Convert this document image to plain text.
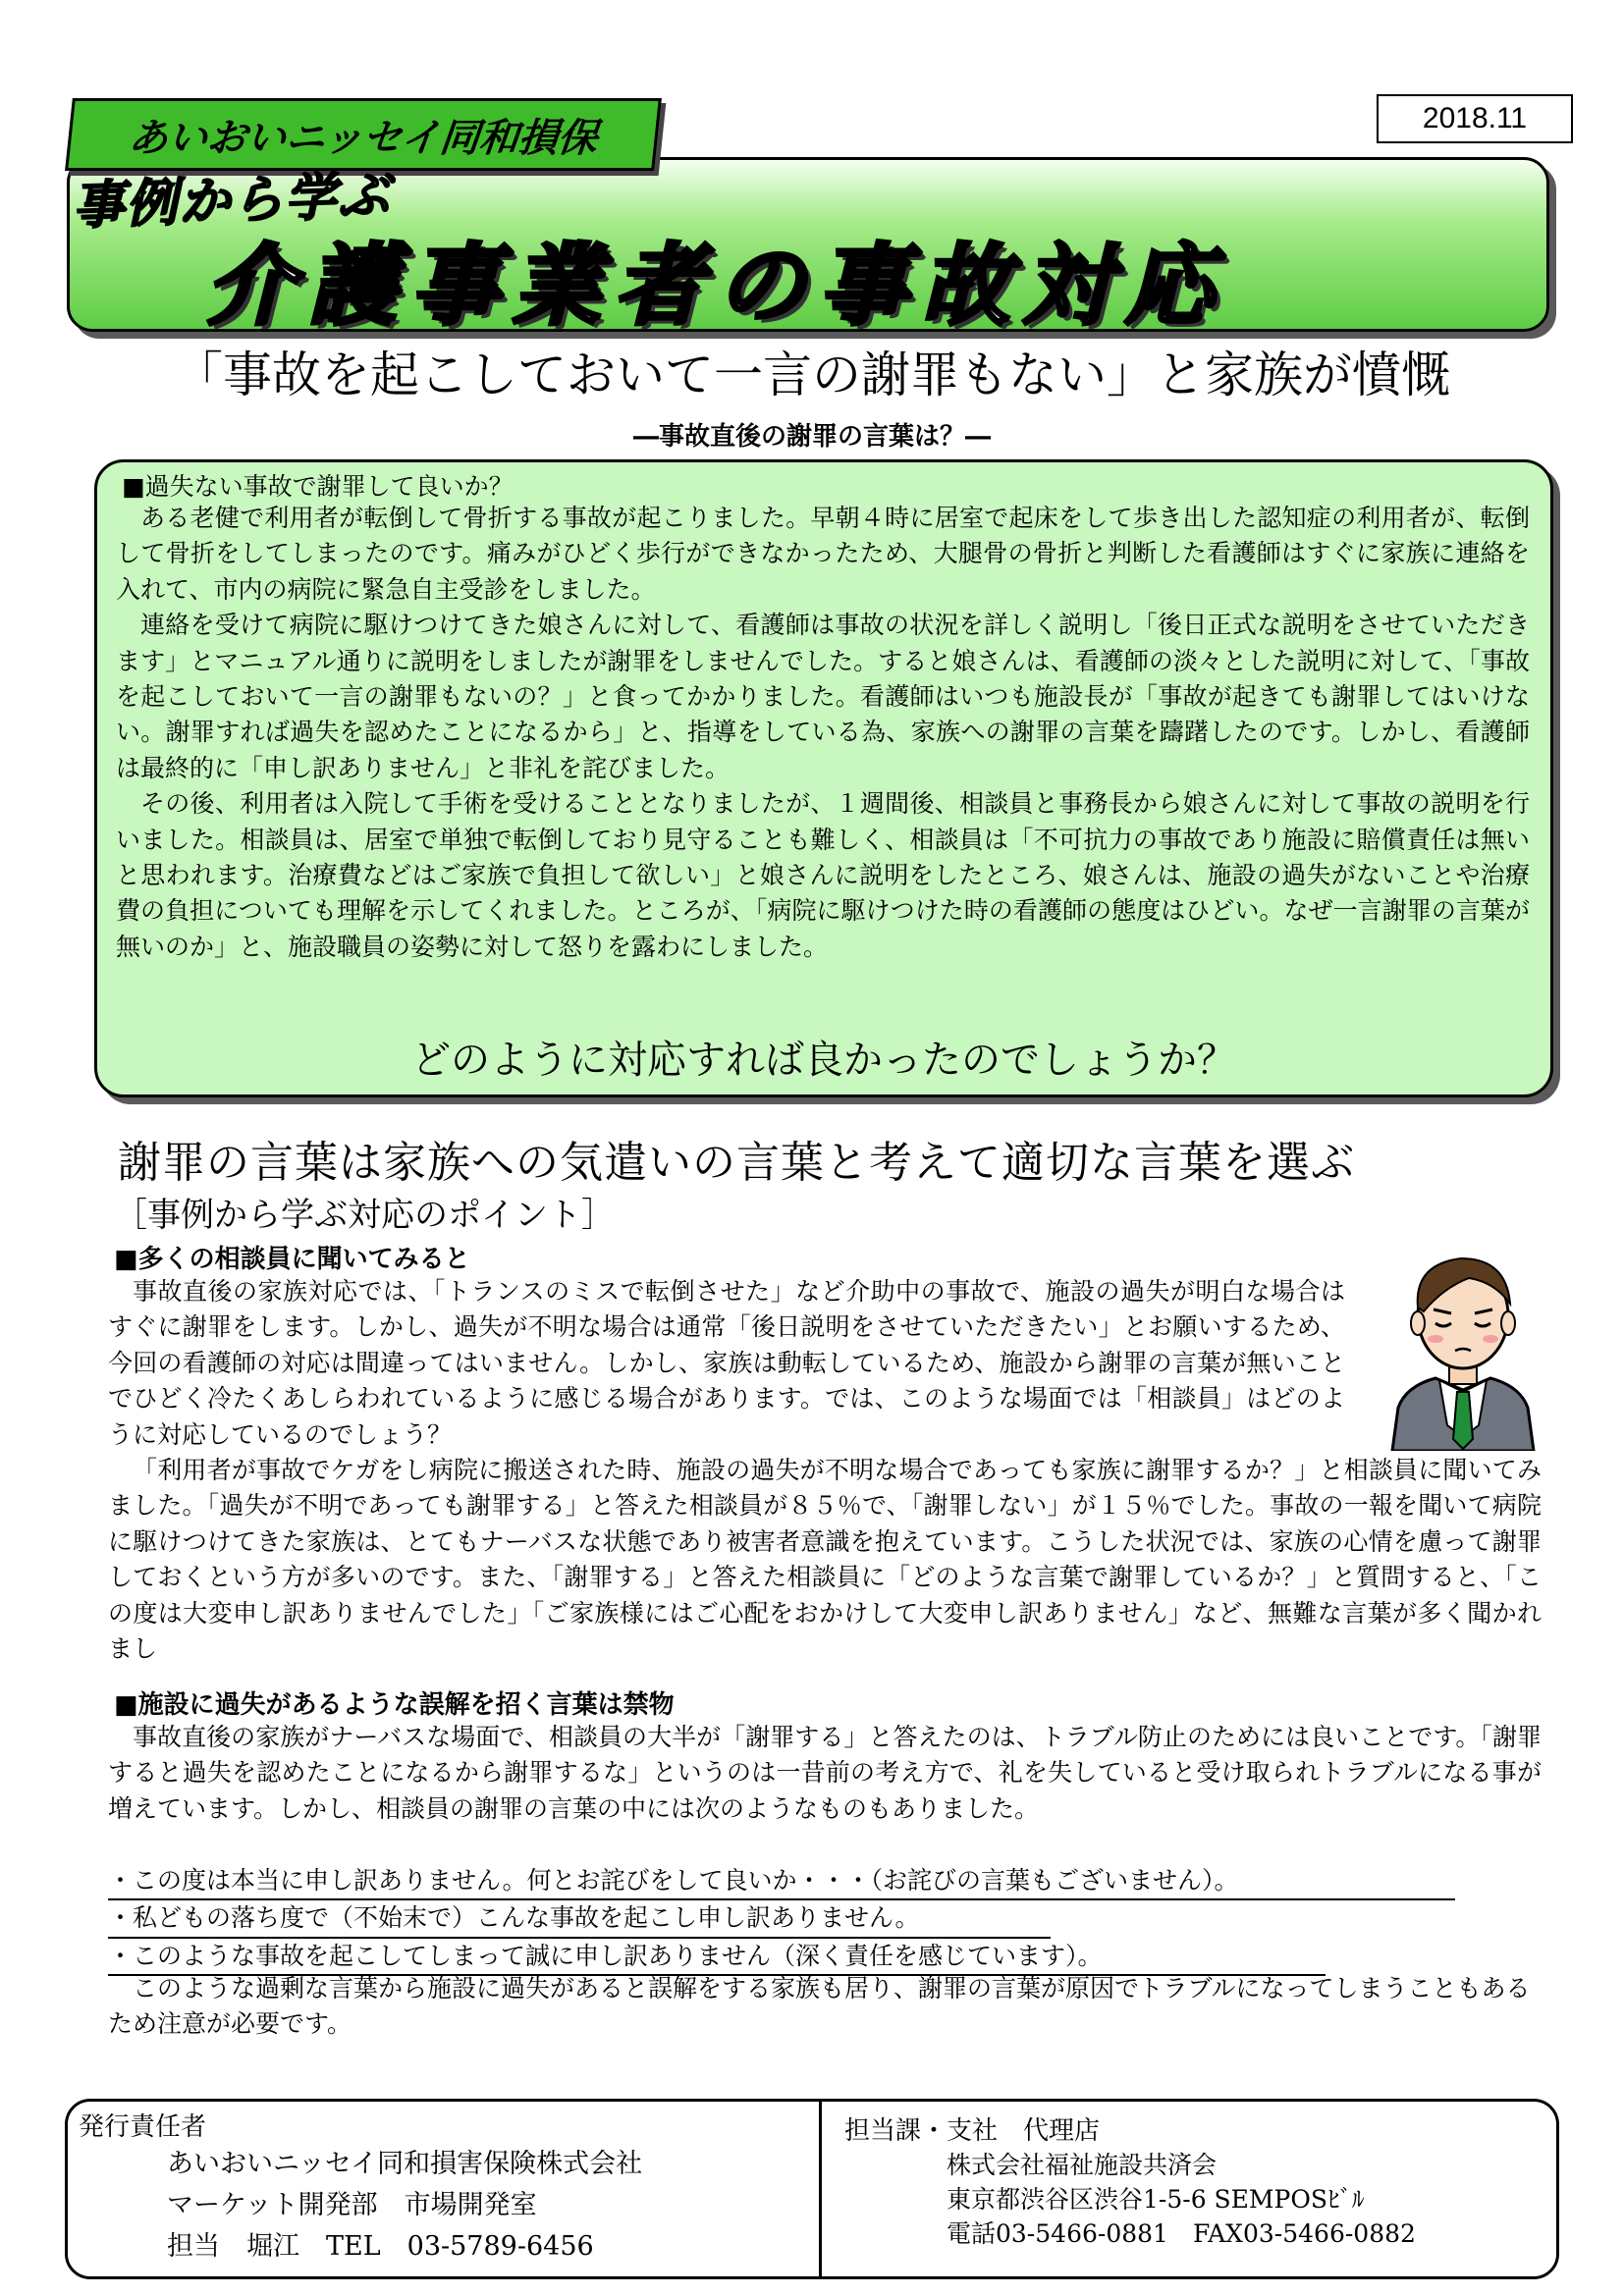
2018.11
あいおいニッセイ同和損保
事例から学ぶ
介護事業者の事故対応
「事故を起こしておいて一言の謝罪もない」と家族が憤慨
―事故直後の謝罪の言葉は？―
■過失ない事故で謝罪して良いか？

ある老健で利用者が転倒して骨折する事故が起こりました。早朝４時に居室で起床をして歩き出した認知症の利用者が、転倒して骨折をしてしまったのです。痛みがひどく歩行ができなかったため、大腿骨の骨折と判断した看護師はすぐに家族に連絡を入れて、市内の病院に緊急自主受診をしました。

連絡を受けて病院に駆けつけてきた娘さんに対して、看護師は事故の状況を詳しく説明し「後日正式な説明をさせていただきます」とマニュアル通りに説明をしましたが謝罪をしませんでした。すると娘さんは、看護師の淡々とした説明に対して、「事故を起こしておいて一言の謝罪もないの？」と食ってかかりました。看護師はいつも施設長が「事故が起きても謝罪してはいけない。謝罪すれば過失を認めたことになるから」と、指導をしている為、家族への謝罪の言葉を躊躇したのです。しかし、看護師は最終的に「申し訳ありません」と非礼を詫びました。

その後、利用者は入院して手術を受けることとなりましたが、１週間後、相談員と事務長から娘さんに対して事故の説明を行いました。相談員は、居室で単独で転倒しており見守ることも難しく、相談員は「不可抗力の事故であり施設に賠償責任は無いと思われます。治療費などはご家族で負担して欲しい」と娘さんに説明をしたところ、娘さんは、施設の過失がないことや治療費の負担についても理解を示してくれました。ところが、「病院に駆けつけた時の看護師の態度はひどい。なぜ一言謝罪の言葉が無いのか」と、施設職員の姿勢に対して怒りを露わにしました。

どのように対応すれば良かったのでしょうか？
謝罪の言葉は家族への気遣いの言葉と考えて適切な言葉を選ぶ
［事例から学ぶ対応のポイント］
■多くの相談員に聞いてみると

事故直後の家族対応では、「トランスのミスで転倒させた」など介助中の事故で、施設の過失が明白な場合はすぐに謝罪をします。しかし、過失が不明な場合は通常「後日説明をさせていただきたい」とお願いするため、今回の看護師の対応は間違ってはいません。しかし、家族は動転しているため、施設から謝罪の言葉が無いことでひどく冷たくあしらわれているように感じる場合があります。では、このような場面では「相談員」はどのように対応しているのでしょう？

「利用者が事故でケガをし病院に搬送された時、施設の過失が不明な場合であっても家族に謝罪するか？」と相談員に聞いてみました。「過失が不明であっても謝罪する」と答えた相談員が８５％で、「謝罪しない」が１５％でした。事故の一報を聞いて病院に駆けつけてきた家族は、とてもナーバスな状態であり被害者意識を抱えています。こうした状況では、家族の心情を慮って謝罪しておくという方が多いのです。また、「謝罪する」と答えた相談員に「どのような言葉で謝罪しているか？」と質問すると、「この度は大変申し訳ありませんでした」「ご家族様にはご心配をおかけして大変申し訳ありません」など、無難な言葉が多く聞かれまし

■施設に過失があるような誤解を招く言葉は禁物

事故直後の家族がナーバスな場面で、相談員の大半が「謝罪する」と答えたのは、トラブル防止のためには良いことです。「謝罪すると過失を認めたことになるから謝罪するな」というのは一昔前の考え方で、礼を失していると受け取られトラブルになる事が増えています。しかし、相談員の謝罪の言葉の中には次のようなものもありました。

・この度は本当に申し訳ありません。何とお詫びをして良いか・・・（お詫びの言葉もございません）。
・私どもの落ち度で（不始末で）こんな事故を起こし申し訳ありません。
・このような事故を起こしてしまって誠に申し訳ありません（深く責任を感じています）。

このような過剰な言葉から施設に過失があると誤解をする家族も居り、謝罪の言葉が原因でトラブルになってしまうこともあるため注意が必要です。

発行責任者
あいおいニッセイ同和損害保険株式会社
マーケット開発部　市場開発室
担当　堀江　TEL　03-5789-6456
担当課・支社　代理店
株式会社福祉施設共済会
東京都渋谷区渋谷1-5-6 SEMPOSﾋﾞﾙ
電話03-5466-0881　FAX03-5466-0882
